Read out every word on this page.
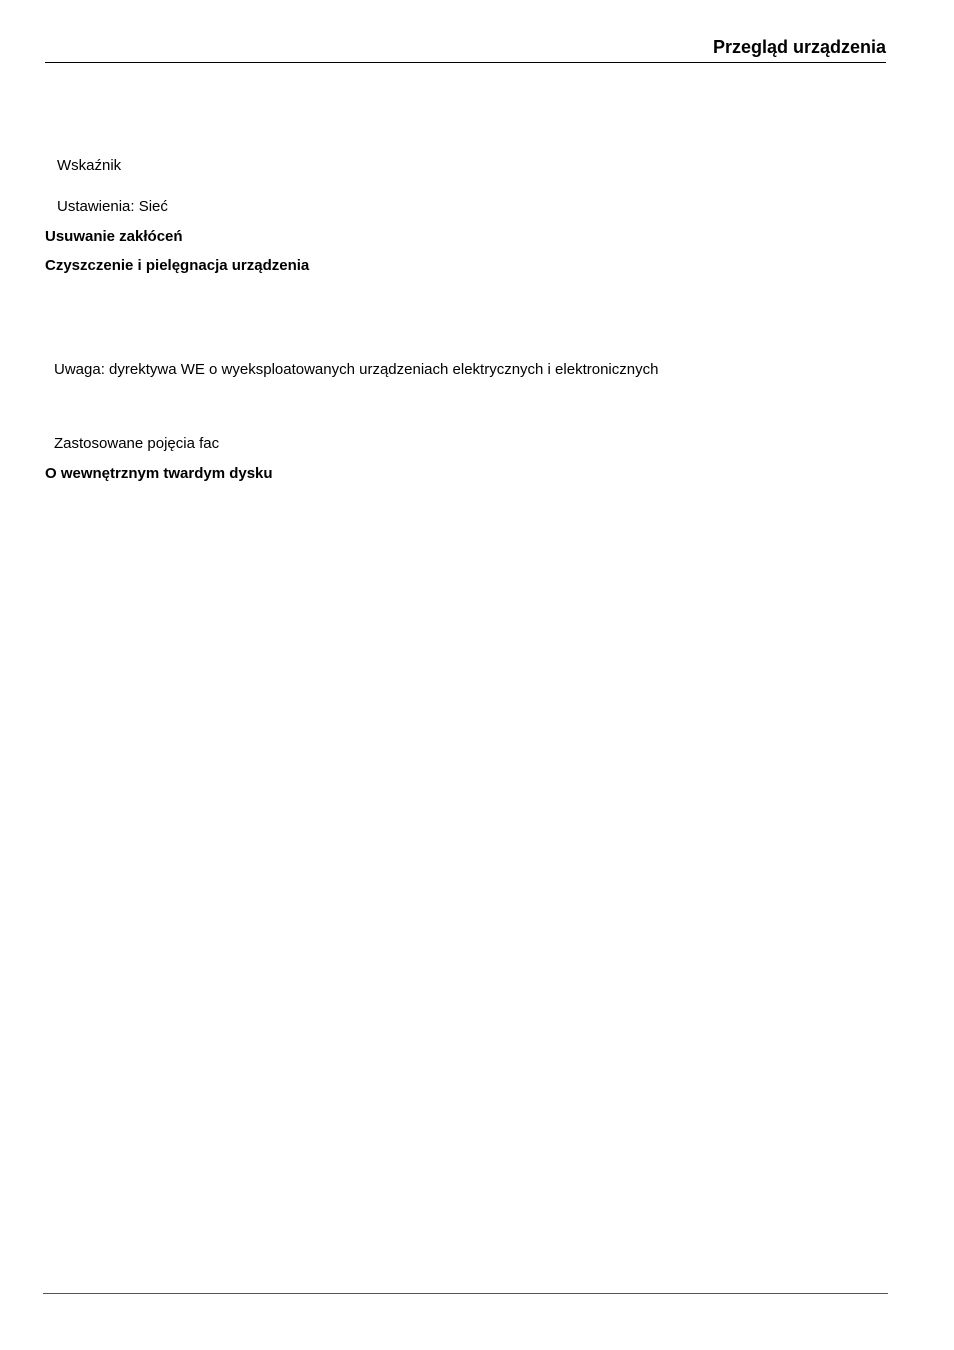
Przegląd urządzenia
Wskaźnik
Ustawienia: Sieć
Usuwanie zakłóceń
Czyszczenie i pielęgnacja urządzenia
Uwaga: dyrektywa WE o wyeksploatowanych urządzeniach elektrycznych i elektronicznych
Zastosowane pojęcia fac
O wewnętrznym twardym dysku
